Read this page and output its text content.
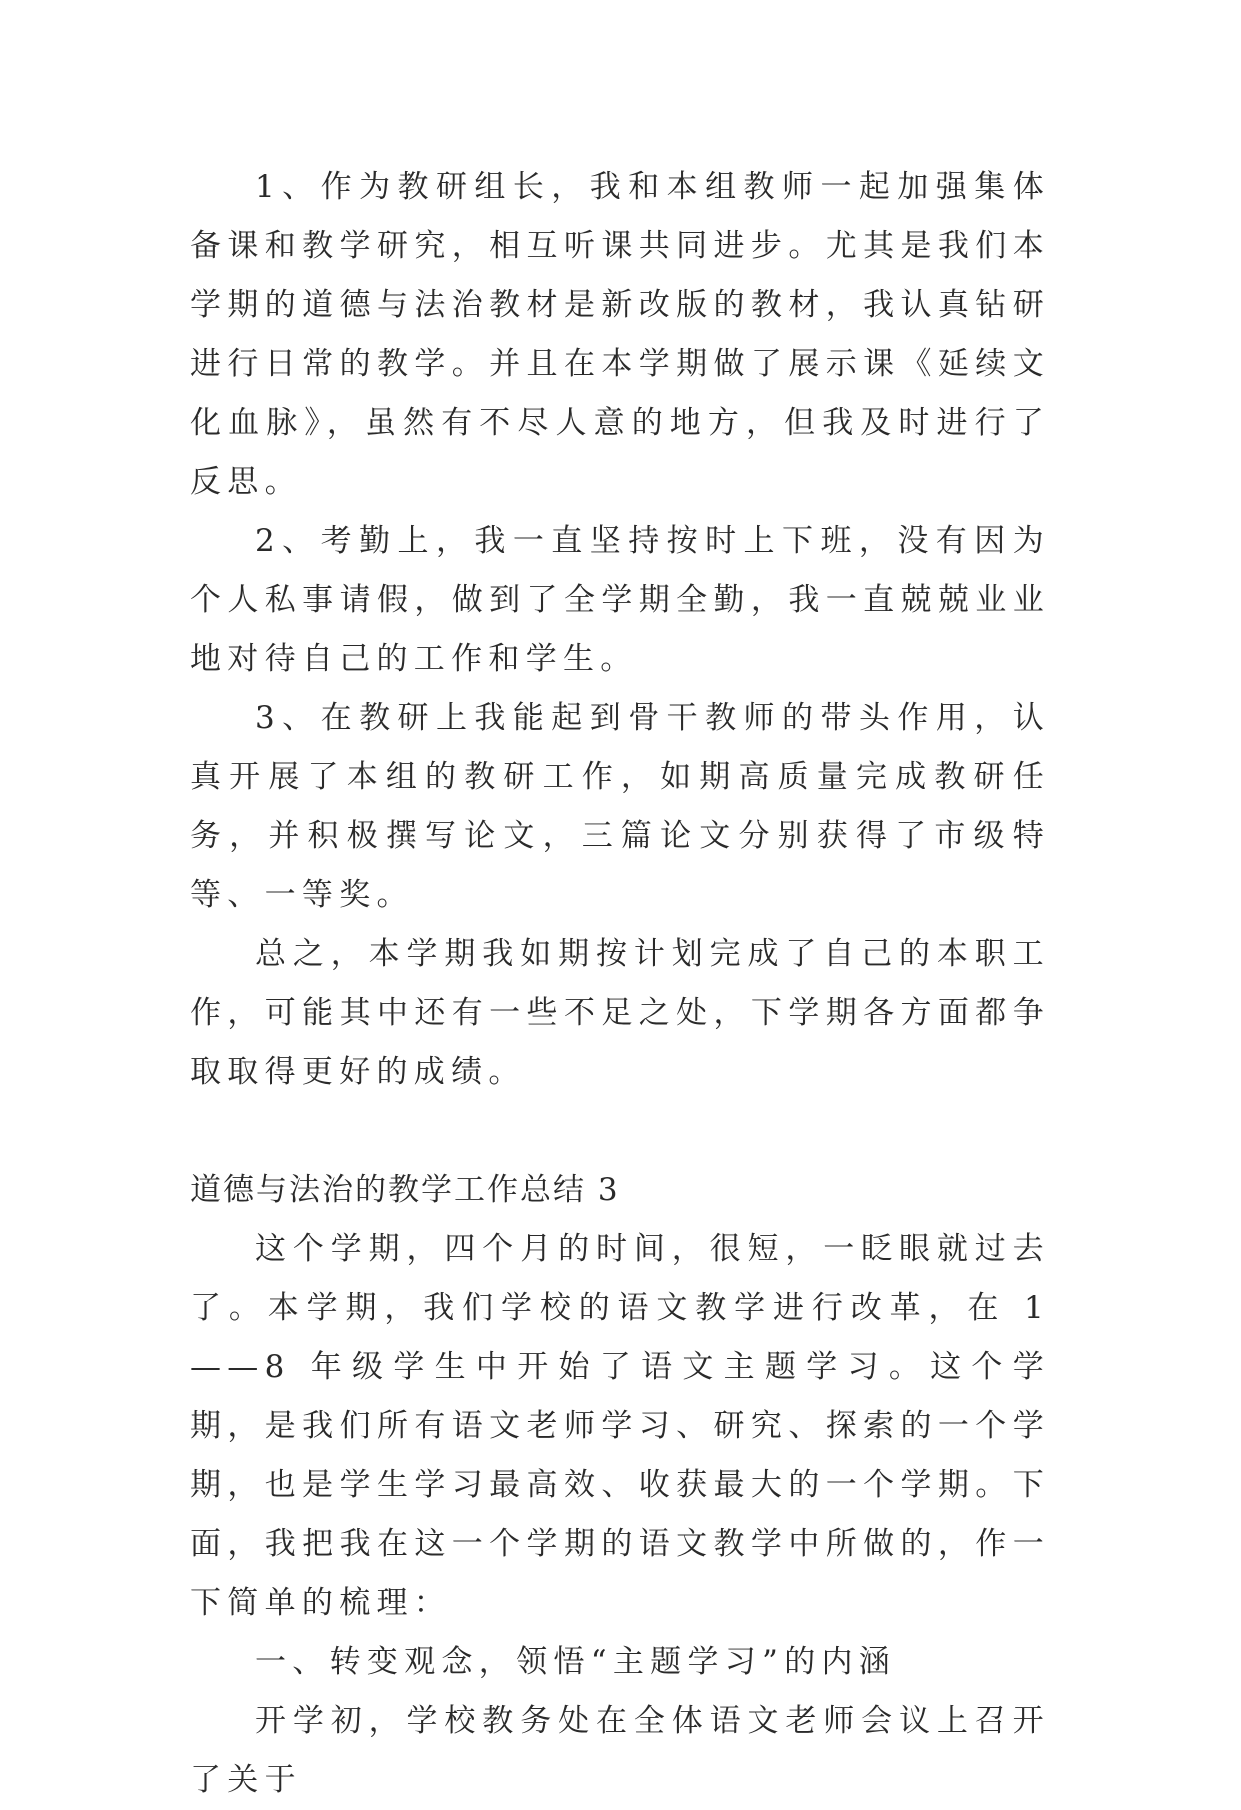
1、作为教研组长，我和本组教师一起加强集体备课和教学研究，相互听课共同进步。尤其是我们本学期的道德与法治教材是新改版的教材，我认真钻研进行日常的教学。并且在本学期做了展示课《延续文化血脉》，虽然有不尽人意的地方，但我及时进行了反思。

2、考勤上，我一直坚持按时上下班，没有因为个人私事请假，做到了全学期全勤，我一直兢兢业业地对待自己的工作和学生。

3、在教研上我能起到骨干教师的带头作用，认真开展了本组的教研工作，如期高质量完成教研任务，并积极撰写论文，三篇论文分别获得了市级特等、一等奖。

总之，本学期我如期按计划完成了自己的本职工作，可能其中还有一些不足之处，下学期各方面都争取取得更好的成绩。

道德与法治的教学工作总结 3

这个学期，四个月的时间，很短，一眨眼就过去了。本学期，我们学校的语文教学进行改革，在 1——8 年级学生中开始了语文主题学习。这个学期，是我们所有语文老师学习、研究、探索的一个学期，也是学生学习最高效、收获最大的一个学期。下面，我把我在这一个学期的语文教学中所做的，作一下简单的梳理：

一、转变观念，领悟“主题学习”的内涵

开学初，学校教务处在全体语文老师会议上召开了关于
